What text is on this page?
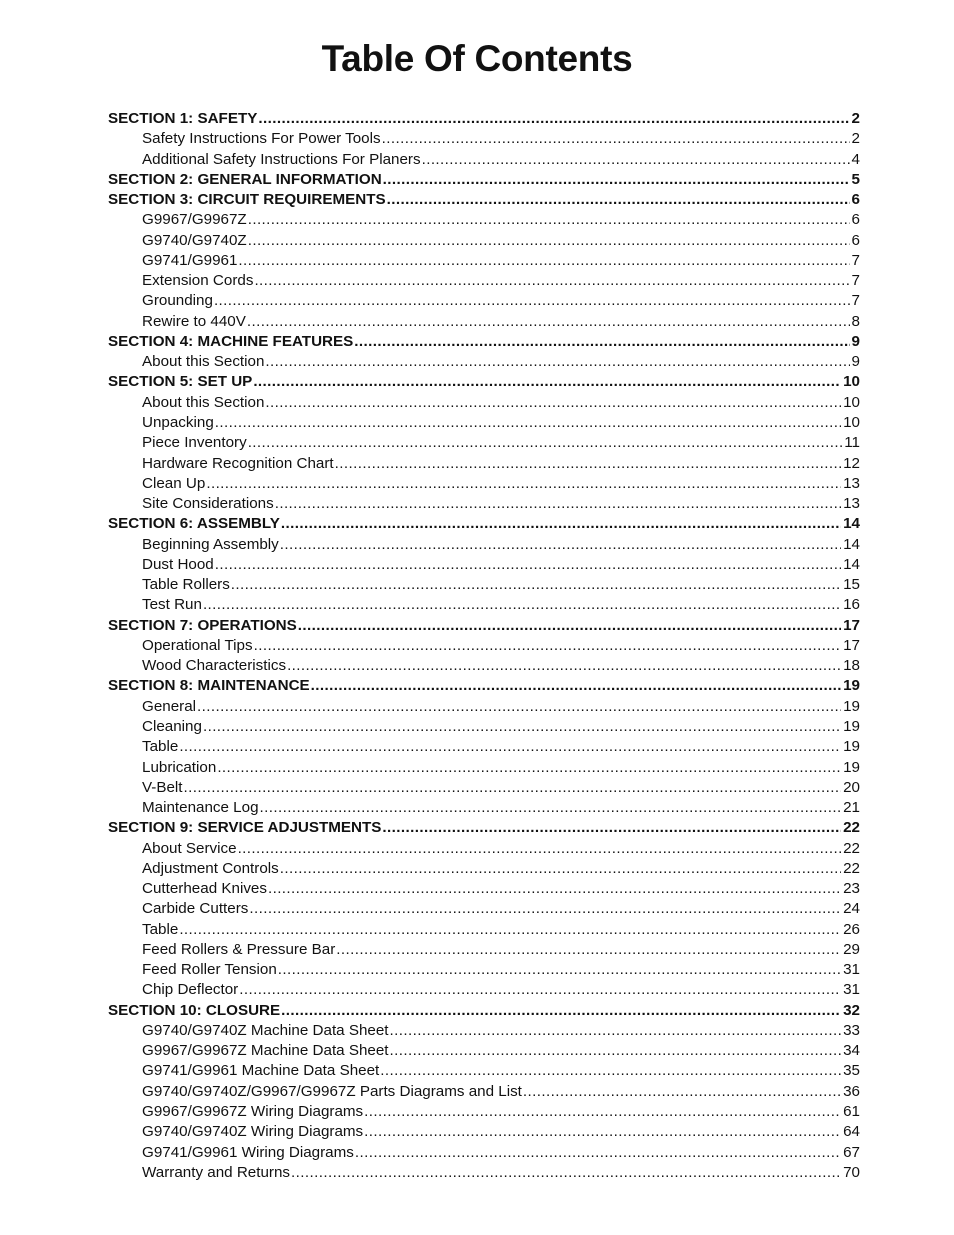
Table Of Contents
SECTION 1: SAFETY .....	2
Safety Instructions For Power Tools .....	2
Additional Safety Instructions For Planers .....	4
SECTION 2: GENERAL INFORMATION .....	5
SECTION 3: CIRCUIT REQUIREMENTS .....	6
G9967/G9967Z .....	6
G9740/G9740Z .....	6
G9741/G9961 .....	7
Extension Cords .....	7
Grounding .....	7
Rewire to 440V .....	8
SECTION 4: MACHINE FEATURES .....	9
About this Section .....	9
SECTION 5: SET UP .....	10
About this Section .....	10
Unpacking .....	10
Piece Inventory .....	11
Hardware Recognition Chart .....	12
Clean Up .....	13
Site Considerations .....	13
SECTION 6: ASSEMBLY .....	14
Beginning Assembly .....	14
Dust Hood .....	14
Table Rollers .....	15
Test Run .....	16
SECTION 7: OPERATIONS .....	17
Operational Tips .....	17
Wood Characteristics .....	18
SECTION 8: MAINTENANCE .....	19
General .....	19
Cleaning .....	19
Table .....	19
Lubrication .....	19
V-Belt .....	20
Maintenance Log .....	21
SECTION 9: SERVICE ADJUSTMENTS .....	22
About Service .....	22
Adjustment Controls .....	22
Cutterhead Knives .....	23
Carbide Cutters .....	24
Table .....	26
Feed Rollers & Pressure Bar .....	29
Feed Roller Tension .....	31
Chip Deflector .....	31
SECTION 10: CLOSURE .....	32
G9740/G9740Z Machine Data Sheet .....	33
G9967/G9967Z Machine Data Sheet .....	34
G9741/G9961 Machine Data Sheet .....	35
G9740/G9740Z/G9967/G9967Z Parts Diagrams and List .....	36
G9967/G9967Z Wiring Diagrams .....	61
G9740/G9740Z Wiring Diagrams .....	64
G9741/G9961 Wiring Diagrams .....	67
Warranty and Returns .....	70
